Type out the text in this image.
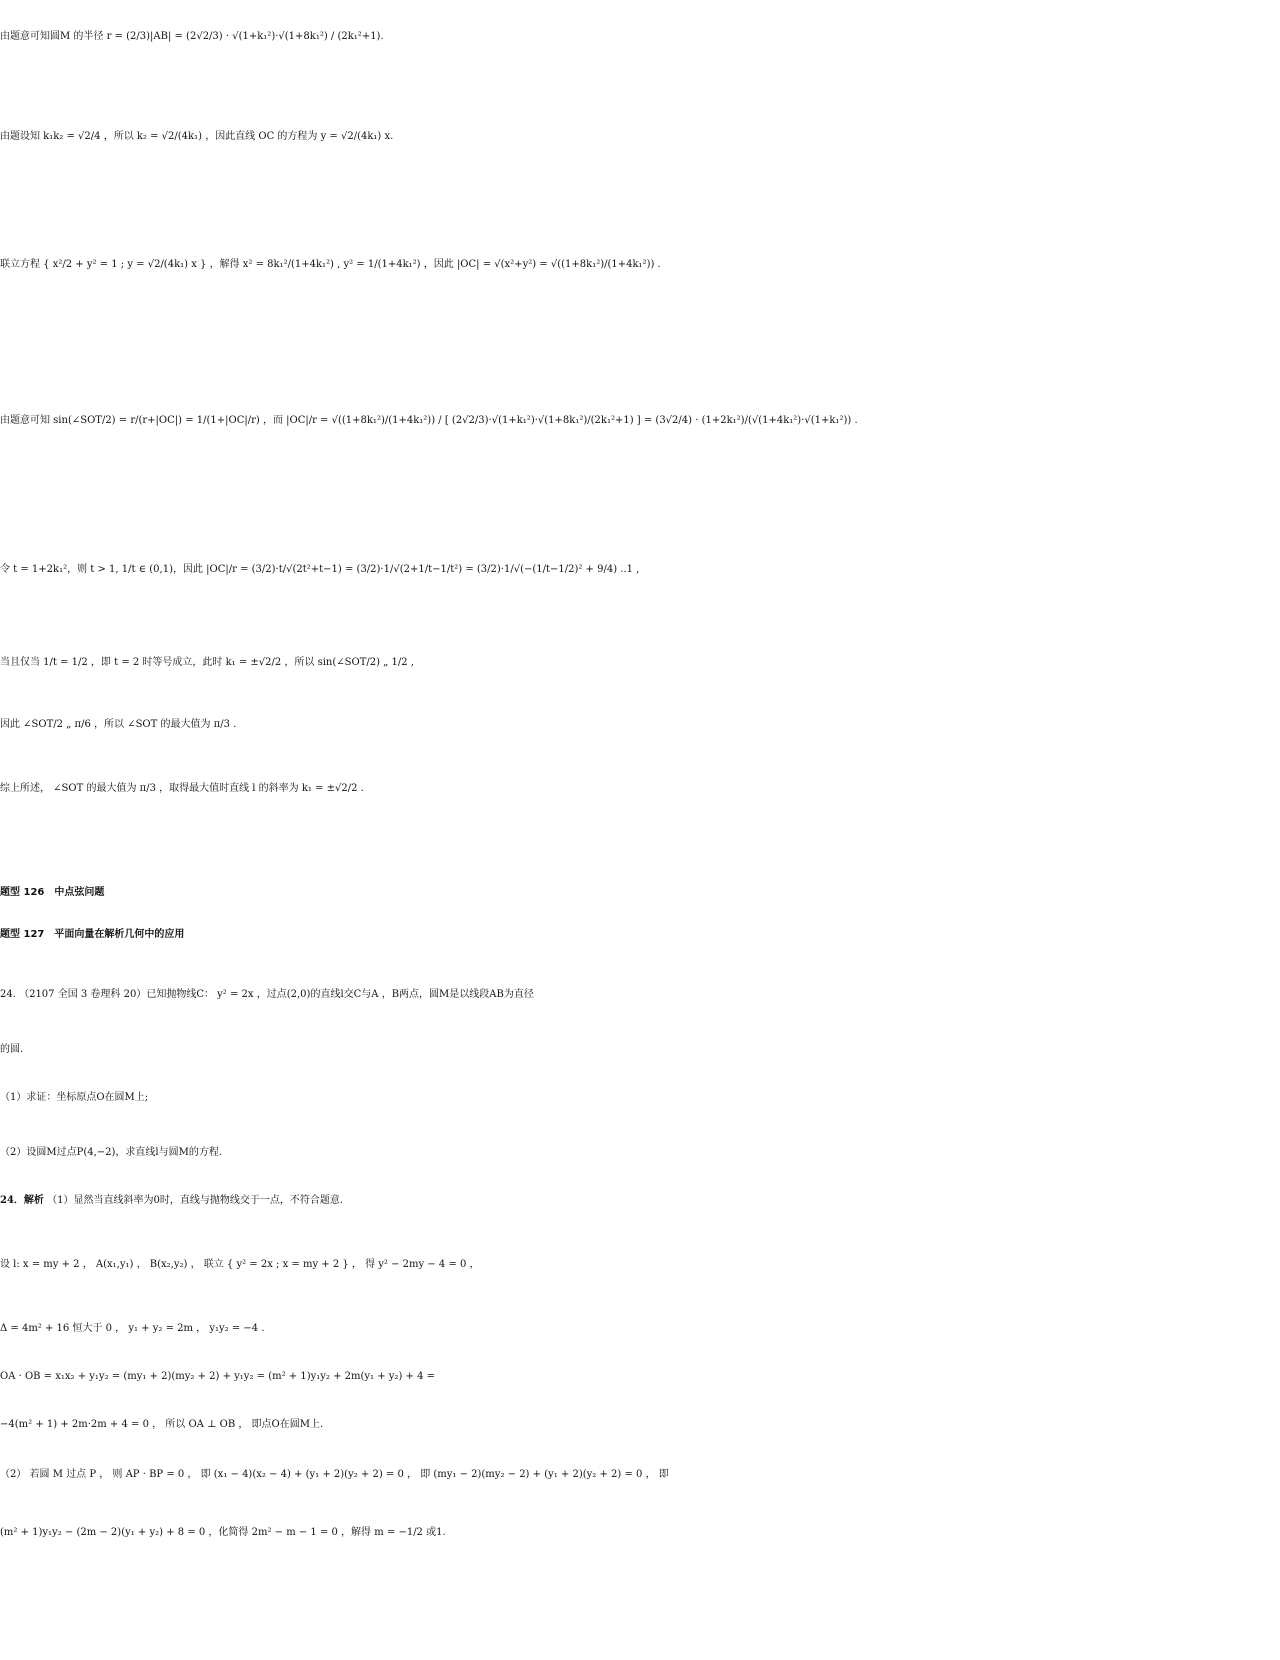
由题意可知圆M 的半径 r = (2/3)|AB| = (2√2/3) · √(1+k₁²)·√(1+8k₁²) / (2k₁²+1).
由题设知 k₁k₂ = √2/4 ，所以 k₂ = √2/(4k₁) ，因此直线 OC 的方程为 y = √2/(4k₁) x.
联立方程 { x²/2 + y² = 1 ; y = √2/(4k₁) x } ，解得 x² = 8k₁²/(1+4k₁²) , y² = 1/(1+4k₁²) ，因此 |OC| = √(x²+y²) = √((1+8k₁²)/(1+4k₁²)) .
由题意可知 sin(∠SOT/2) = r/(r+|OC|) = 1/(1+|OC|/r) ，而 |OC|/r = √((1+8k₁²)/(1+4k₁²)) / [ (2√2/3)·√(1+k₁²)·√(1+8k₁²)/(2k₁²+1) ] = (3√2/4) · (1+2k₁²)/(√(1+4k₁²)·√(1+k₁²)) .
令 t = 1+2k₁²，则 t > 1, 1/t ∈ (0,1)，因此 |OC|/r = (3/2)·t/√(2t²+t−1) = (3/2)·1/√(2+1/t−1/t²) = (3/2)·1/√(−(1/t−1/2)² + 9/4) ..1 ,
当且仅当 1/t = 1/2 ，即 t = 2 时等号成立，此时 k₁ = ±√2/2 ，所以 sin(∠SOT/2) „ 1/2 ,
因此 ∠SOT/2 „ π/6 ，所以 ∠SOT 的最大值为 π/3 .
综上所述， ∠SOT 的最大值为 π/3 ，取得最大值时直线 l 的斜率为 k₁ = ±√2/2 .
题型 126　中点弦问题
题型 127　平面向量在解析几何中的应用
24. （2107 全国 3 卷理科 20）已知抛物线C： y² = 2x ，过点(2,0)的直线l交C与A ，B两点，圆M是以线段AB为直径
的圆.
（1）求证：坐标原点O在圆M上;
（2）设圆M过点P(4,−2)，求直线l与圆M的方程.
24．解析 （1）显然当直线斜率为0时，直线与抛物线交于一点，不符合题意.
设 l: x = my + 2 ， A(x₁,y₁) ， B(x₂,y₂) ， 联立 { y² = 2x ; x = my + 2 } ， 得 y² − 2my − 4 = 0 ，
Δ = 4m² + 16 恒大于 0 ， y₁ + y₂ = 2m ， y₁y₂ = −4 .
OA · OB = x₁x₂ + y₁y₂ = (my₁ + 2)(my₂ + 2) + y₁y₂ = (m² + 1)y₁y₂ + 2m(y₁ + y₂) + 4 =
−4(m² + 1) + 2m·2m + 4 = 0 ， 所以 OA ⊥ OB ， 即点O在圆M上.
（2） 若圆 M 过点 P ， 则 AP · BP = 0 ， 即 (x₁ − 4)(x₂ − 4) + (y₁ + 2)(y₂ + 2) = 0 ， 即 (my₁ − 2)(my₂ − 2) + (y₁ + 2)(y₂ + 2) = 0 ， 即
(m² + 1)y₁y₂ − (2m − 2)(y₁ + y₂) + 8 = 0 ，化简得 2m² − m − 1 = 0 ，解得 m = −1/2 或1.
